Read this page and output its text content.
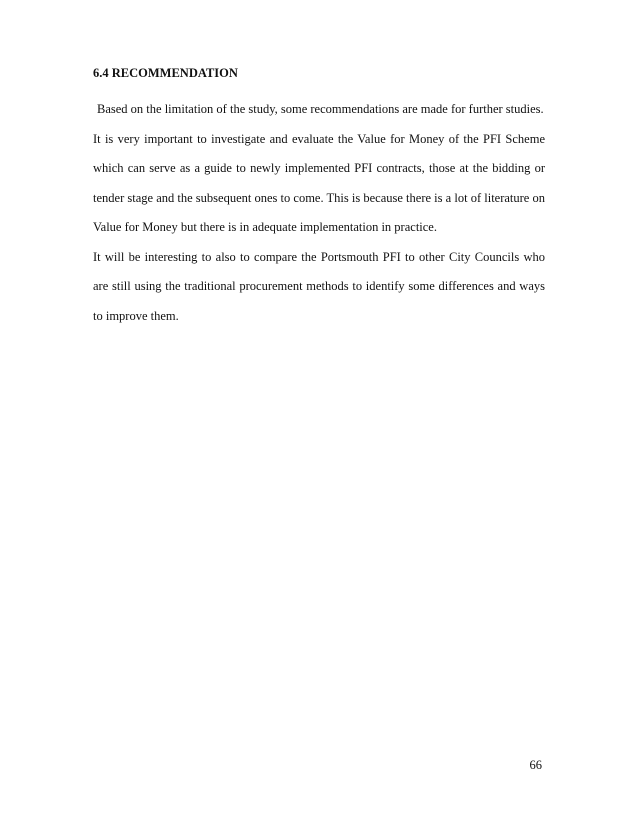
6.4 RECOMMENDATION

Based on the limitation of the study, some recommendations are made for further studies.

It is very important to investigate and evaluate the Value for Money of the PFI Scheme which can serve as a guide to newly implemented PFI contracts, those at the bidding or tender stage and the subsequent ones to come. This is because there is a lot of literature on Value for Money but there is in adequate implementation in practice.

It will be interesting to also to compare the Portsmouth PFI to other City Councils who are still using the traditional procurement methods to identify some differences and ways to improve them.

66
